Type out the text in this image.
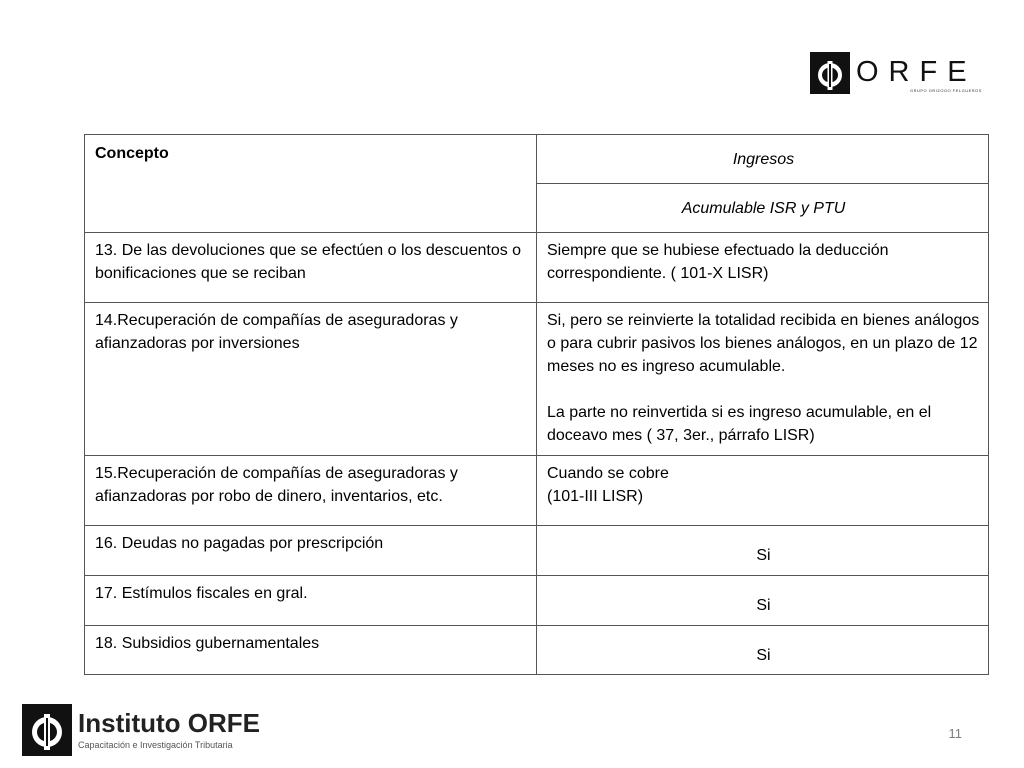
ORFE
GRUPO ORIZOGO FELGUEROS
Concepto	Ingresos
	Acumulable ISR y PTU
13. De las devoluciones que se efectúen o los descuentos o bonificaciones que se reciban	Siempre que se hubiese efectuado la deducción correspondiente. ( 101-X LISR)
14.Recuperación de compañías de aseguradoras y afianzadoras por inversiones	Si, pero se reinvierte la totalidad recibida en bienes análogos o para cubrir pasivos los bienes análogos, en un plazo de 12 meses no es ingreso acumulable.
La parte no reinvertida si es ingreso acumulable, en el doceavo mes ( 37, 3er., párrafo LISR)

15.Recuperación de compañías de aseguradoras y afianzadoras por robo de dinero, inventarios, etc.	Cuando se cobre
(101-III LISR)

16. Deudas no pagadas por prescripción	Si
17. Estímulos fiscales en gral.	Si
18. Subsidios gubernamentales	Si
Instituto ORFE
Capacitación e Investigación Tributaria
11
